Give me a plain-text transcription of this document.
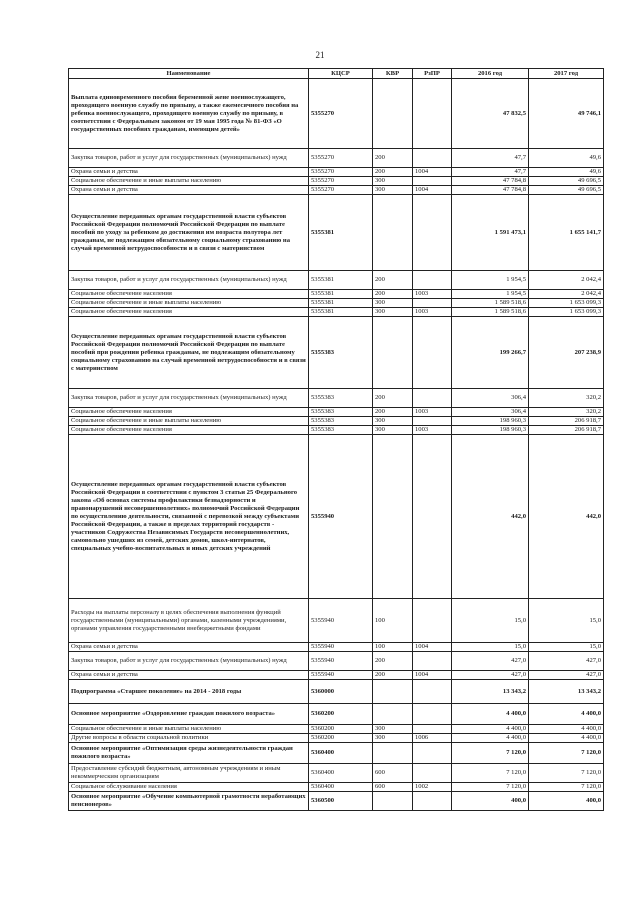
21
Наименование	КЦСР	КВР	РзПР	2016 год	2017 год
Выплата единовременного пособия беременной жене военнослужащего, проходящего военную службу по призыву, а также ежемесячного пособия на ребенка военнослужащего, проходящего военную службу по призыву, в соответствии с Федеральным законом от 19 мая 1995 года № 81-ФЗ «О государственных пособиях гражданам, имеющим детей»	5355270			47 832,5	49 746,1
Закупка товаров, работ и услуг для государственных (муниципальных) нужд	5355270	200		47,7	49,6
Охрана семьи и детства	5355270	200	1004	47,7	49,6
Социальное обеспечение и иные выплаты населению	5355270	300		47 784,8	49 696,5
Охрана семьи и детства	5355270	300	1004	47 784,8	49 696,5
Осуществление переданных органам государственной власти субъектов Российской Федерации полномочий Российской Федерации по выплате пособий по уходу за ребенком до достижения им возраста полутора лет гражданам, не подлежащим обязательному социальному страхованию на случай временной нетрудоспособности и в связи с материнством	5355381			1 591 473,1	1 655 141,7
Закупка товаров, работ и услуг для государственных (муниципальных) нужд	5355381	200		1 954,5	2 042,4
Социальное обеспечение населения	5355381	200	1003	1 954,5	2 042,4
Социальное обеспечение и иные выплаты населению	5355381	300		1 589 518,6	1 653 099,3
Социальное обеспечение населения	5355381	300	1003	1 589 518,6	1 653 099,3
Осуществление переданных органам государственной власти субъектов Российской Федерации полномочий Российской Федерации по выплате пособий при рождении ребенка гражданам, не подлежащим обязательному социальному страхованию на случай временной нетрудоспособности и в связи с материнством	5355383			199 266,7	207 238,9
Закупка товаров, работ и услуг для государственных (муниципальных) нужд	5355383	200		306,4	320,2
Социальное обеспечение населения	5355383	200	1003	306,4	320,2
Социальное обеспечение и иные выплаты населению	5355383	300		198 960,3	206 918,7
Социальное обеспечение населения	5355383	300	1003	198 960,3	206 918,7
Осуществление переданных органам государственной власти субъектов Российской Федерации в соответствии с пунктом 3 статьи 25 Федерального закона «Об основах системы профилактики безнадзорности и правонарушений несовершеннолетних» полномочий Российской Федерации по осуществлению деятельности, связанной с перевозкой между субъектами Российской Федерации, а также в пределах территорий государств - участников Содружества Независимых Государств несовершеннолетних, самовольно ушедших из семей, детских домов, школ-интернатов, специальных учебно-воспитательных и иных детских учреждений	5355940			442,0	442,0
Расходы на выплаты персоналу в целях обеспечения выполнения функций государственными (муниципальными) органами, казенными учреждениями, органами управления государственными внебюджетными фондами	5355940	100		15,0	15,0
Охрана семьи и детства	5355940	100	1004	15,0	15,0
Закупка товаров, работ и услуг для государственных (муниципальных) нужд	5355940	200		427,0	427,0
Охрана семьи и детства	5355940	200	1004	427,0	427,0
Подпрограмма «Старшее поколение» на 2014 - 2018 годы	5360000			13 343,2	13 343,2
Основное мероприятие «Оздоровление граждан пожилого возраста»	5360200			4 400,0	4 400,0
Социальное обеспечение и иные выплаты населению	5360200	300		4 400,0	4 400,0
Другие вопросы в области социальной политики	5360200	300	1006	4 400,0	4 400,0
Основное мероприятие «Оптимизация среды жизнедеятельности граждан пожилого возраста»	5360400			7 120,0	7 120,0
Предоставление субсидий бюджетным, автономным учреждениям и иным некоммерческим организациям	5360400	600		7 120,0	7 120,0
Социальное обслуживание населения	5360400	600	1002	7 120,0	7 120,0
Основное мероприятие «Обучение компьютерной грамотности неработающих пенсионеров»	5360500			400,0	400,0
